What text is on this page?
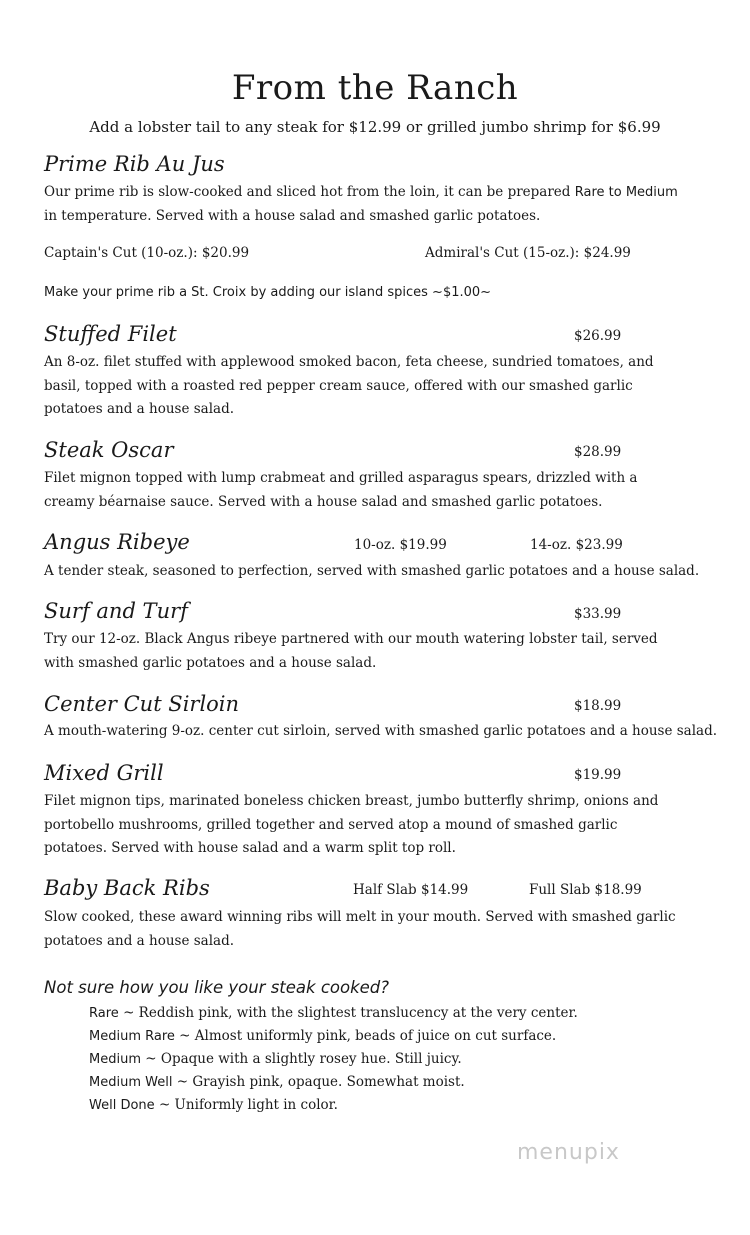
From the Ranch
Add a lobster tail to any steak for $12.99 or grilled jumbo shrimp for $6.99
Prime Rib Au Jus
Our prime rib is slow-cooked and sliced hot from the loin, it can be prepared Rare to Medium
in temperature. Served with a house salad and smashed garlic potatoes.
Captain's Cut (10-oz.): $20.99	Admiral's Cut (15-oz.): $24.99
Make your prime rib a St. Croix by adding our island spices ~$1.00~
Stuffed Filet	$26.99
An 8-oz. filet stuffed with applewood smoked bacon, feta cheese, sundried tomatoes, and
basil, topped with a roasted red pepper cream sauce, offered with our smashed garlic
potatoes and a house salad.
Steak Oscar	$28.99
Filet mignon topped with lump crabmeat and grilled asparagus spears, drizzled with a
creamy béarnaise sauce. Served with a house salad and smashed garlic potatoes.
Angus Ribeye	10-oz. $19.99	14-oz. $23.99
A tender steak, seasoned to perfection, served with smashed garlic potatoes and a house salad.
Surf and Turf	$33.99
Try our 12-oz. Black Angus ribeye partnered with our mouth watering lobster tail, served
with smashed garlic potatoes and a house salad.
Center Cut Sirloin	$18.99
A mouth-watering 9-oz. center cut sirloin, served with smashed garlic potatoes and a house salad.
Mixed Grill	$19.99
Filet mignon tips, marinated boneless chicken breast, jumbo butterfly shrimp, onions and
portobello mushrooms, grilled together and served atop a mound of smashed garlic
potatoes. Served with house salad and a warm split top roll.
Baby Back Ribs	Half Slab $14.99	Full Slab $18.99
Slow cooked, these award winning ribs will melt in your mouth. Served with smashed garlic
potatoes and a house salad.
Not sure how you like your steak cooked?
Rare ~ Reddish pink, with the slightest translucency at the very center.
Medium Rare ~ Almost uniformly pink, beads of juice on cut surface.
Medium ~ Opaque with a slightly rosey hue. Still juicy.
Medium Well ~ Grayish pink, opaque. Somewhat moist.
Well Done ~ Uniformly light in color.
menupix
